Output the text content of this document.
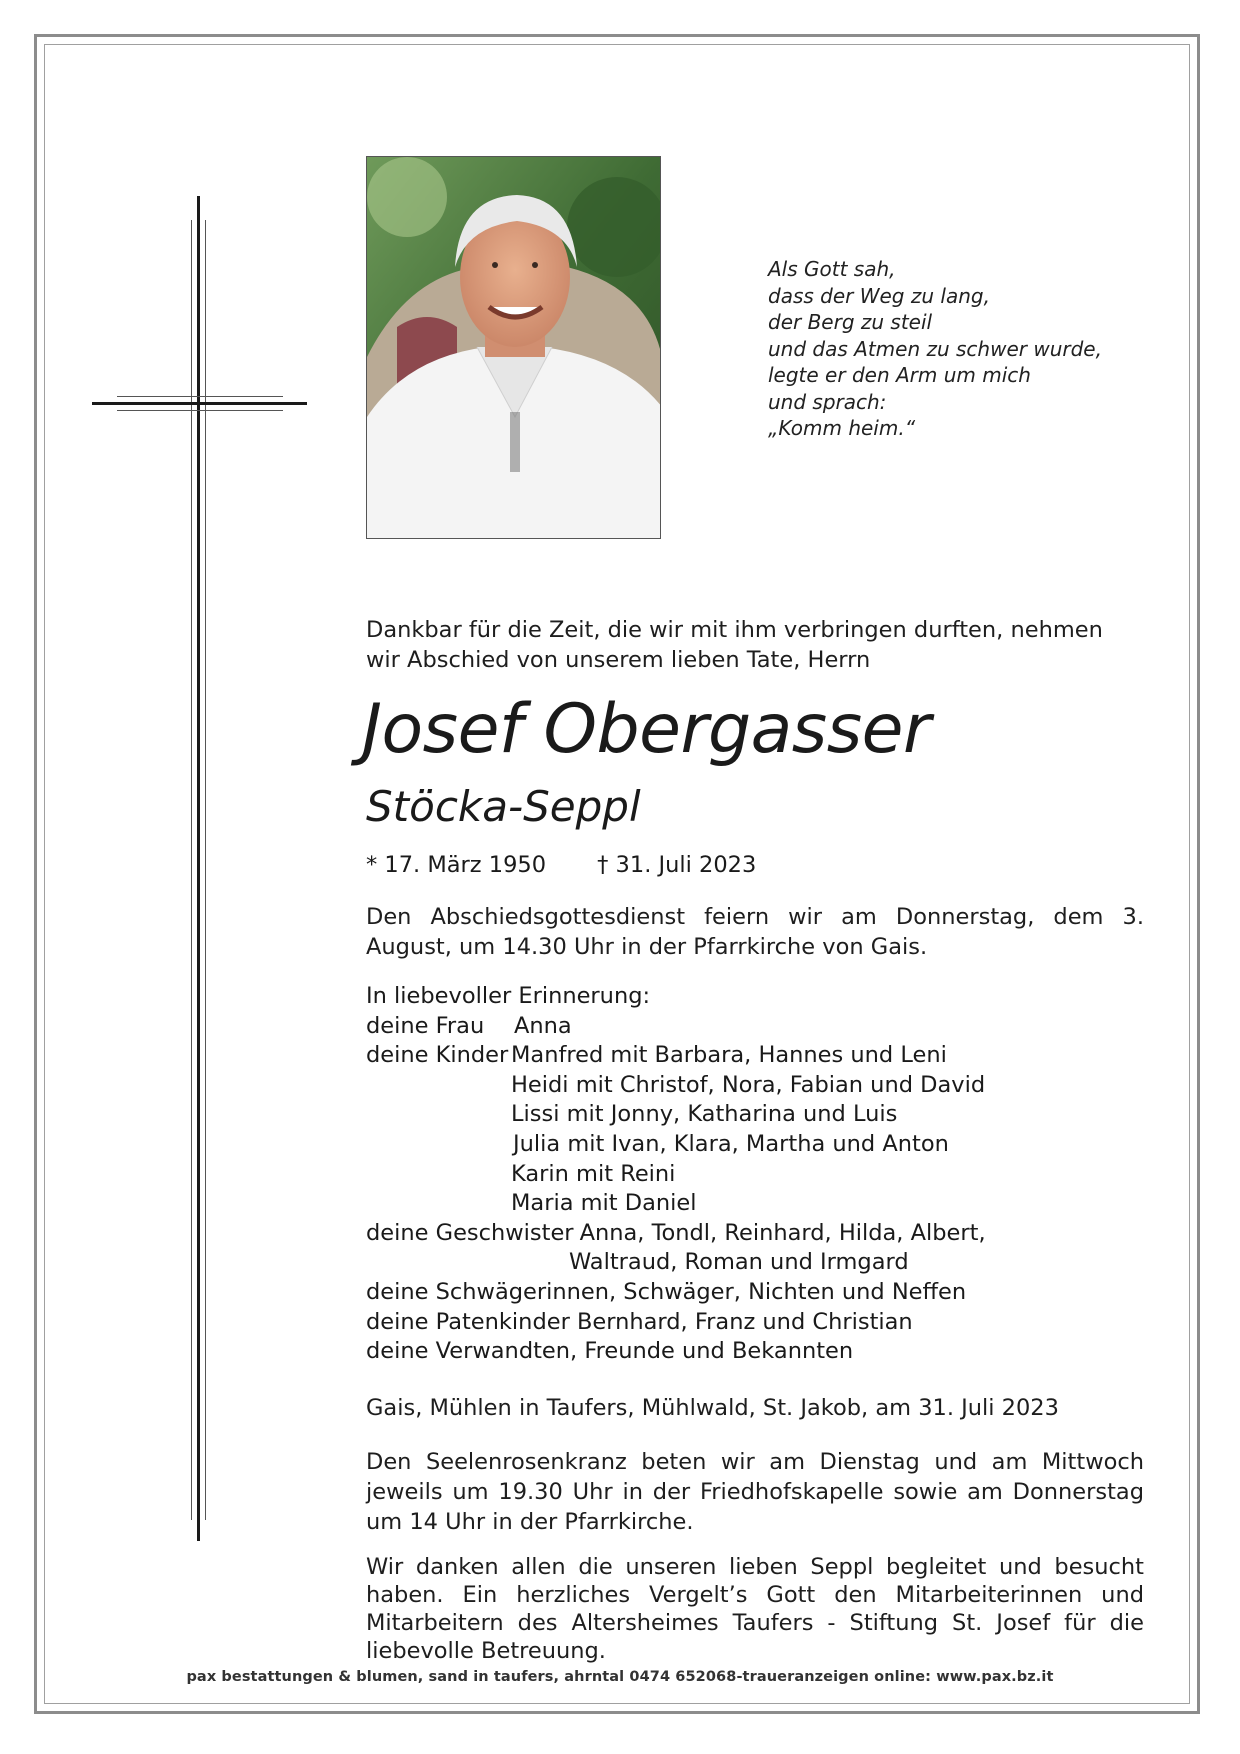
Als Gott sah,
dass der Weg zu lang,
der Berg zu steil
und das Atmen zu schwer wurde,
legte er den Arm um mich
und sprach:
„Komm heim.“
Dankbar für die Zeit, die wir mit ihm verbringen durften, nehmen
wir Abschied von unserem lieben Tate, Herrn
Josef Obergasser
Stöcka-Seppl
* 17. März 1950 † 31. Juli 2023
Den Abschiedsgottesdienst feiern wir am Donnerstag, dem 3. August, um 14.30 Uhr in der Pfarrkirche von Gais.
In liebevoller Erinnerung:
deine Frau	Anna
deine Kinder Manfred mit Barbara, Hannes und Leni
Heidi mit Christof, Nora, Fabian und David
Lissi mit Jonny, Katharina und Luis
Julia mit Ivan, Klara, Martha und Anton
Karin mit Reini
Maria mit Daniel
deine Geschwister Anna, Tondl, Reinhard, Hilda, Albert,
Waltraud, Roman und Irmgard
deine Schwägerinnen, Schwäger, Nichten und Neffen
deine Patenkinder Bernhard, Franz und Christian
deine Verwandten, Freunde und Bekannten
Gais, Mühlen in Taufers, Mühlwald, St. Jakob, am 31. Juli 2023
Den Seelenrosenkranz beten wir am Dienstag und am Mittwoch jeweils um 19.30 Uhr in der Friedhofskapelle sowie am Donnerstag um 14 Uhr in der Pfarrkirche.
Wir danken allen die unseren lieben Seppl begleitet und besucht haben. Ein herzliches Vergelt’s Gott den Mitarbeiterinnen und Mitarbeitern des Altersheimes Taufers - Stiftung St. Josef für die liebevolle Betreuung.
pax bestattungen & blumen, sand in taufers, ahrntal 0474 652068-traueranzeigen online: www.pax.bz.it
